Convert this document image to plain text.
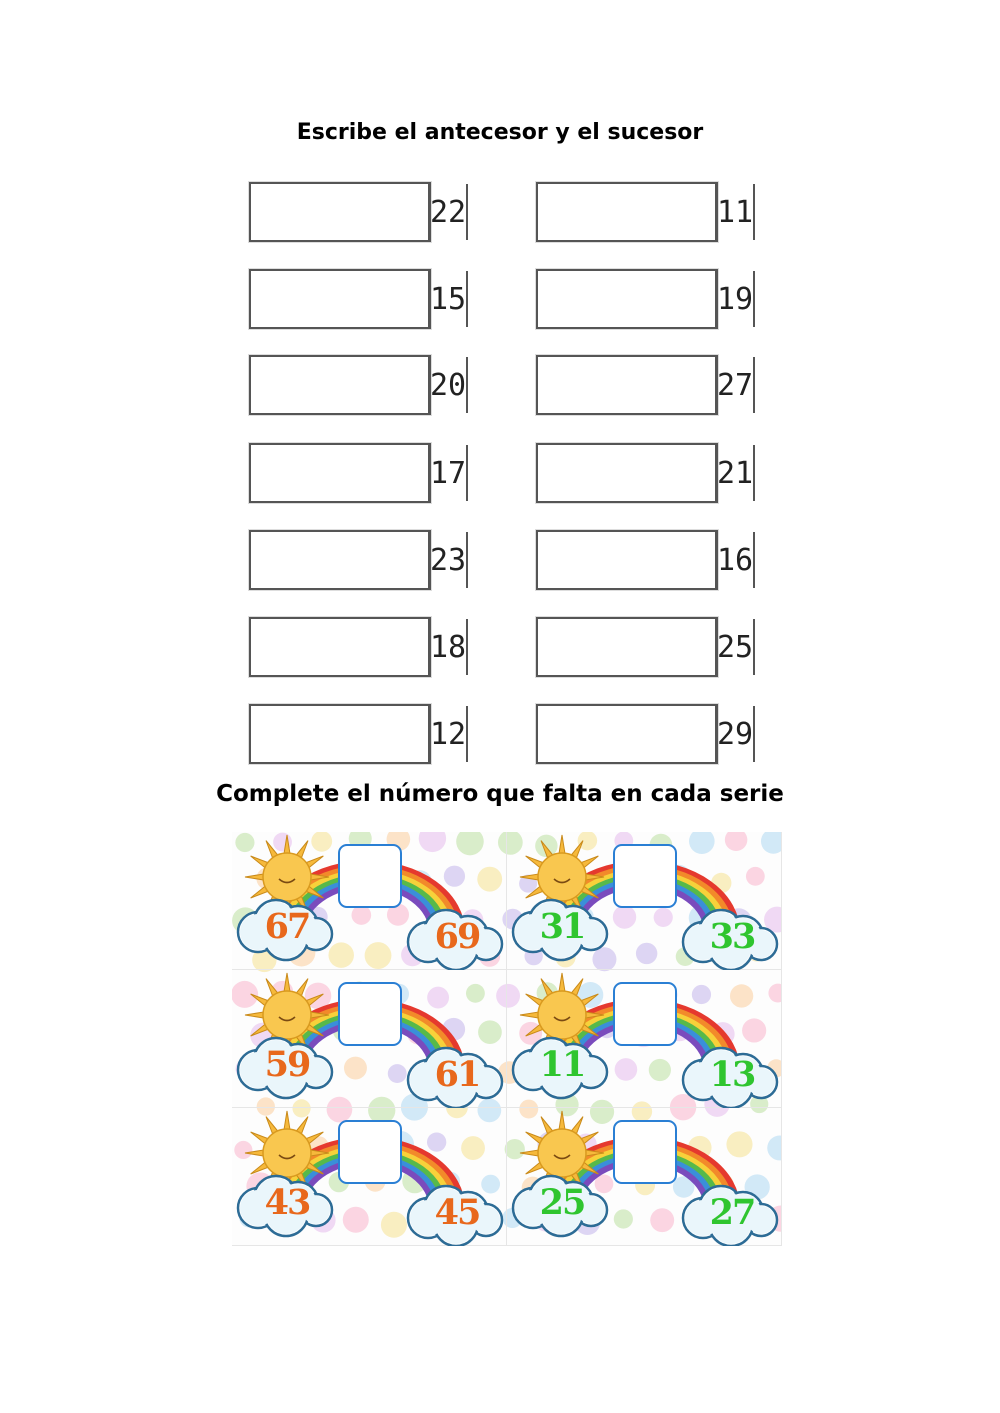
Escribe el antecesor y el sucesor
22
15
20
17
23
18
12
11
19
27
21
16
25
29
Complete el número que falta en cada serie
67	69	31	33
59	61	11	13
43	45	25	27
